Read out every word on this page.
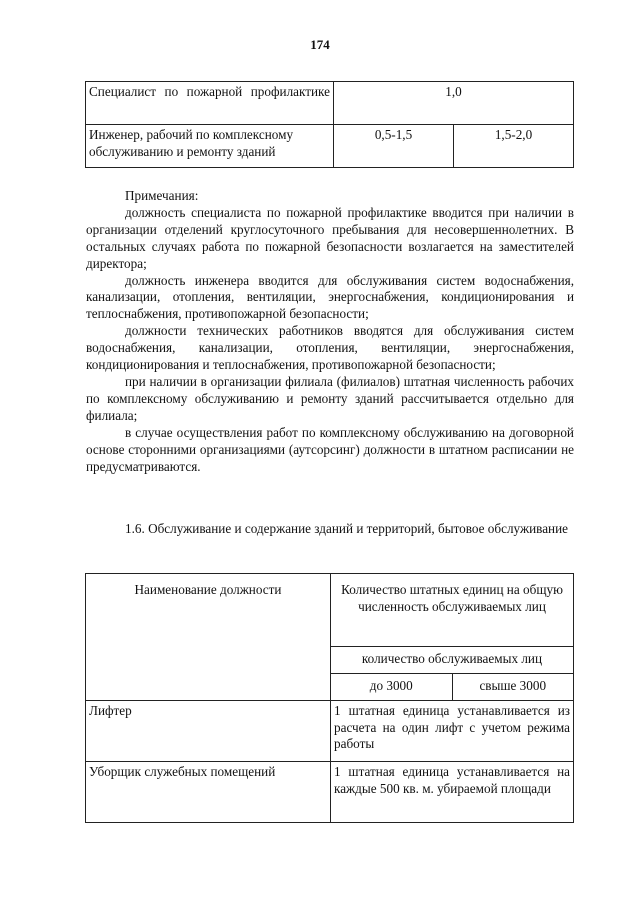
174
Специалист по пожарной профилактике	1,0	
Инженер, рабочий по комплексному обслуживанию и ремонту зданий	0,5-1,5	1,5-2,0

Примечания:

должность специалиста по пожарной профилактике вводится при наличии в организации отделений круглосуточного пребывания для несовершеннолетних. В остальных случаях работа по пожарной безопасности возлагается на заместителей директора;

должность инженера вводится для обслуживания систем водоснабжения, канализации, отопления, вентиляции, энергоснабжения, кондиционирования и теплоснабжения, противопожарной безопасности;

должности технических работников вводятся для обслуживания систем водоснабжения, канализации, отопления, вентиляции, энергоснабжения, кондиционирования и теплоснабжения, противопожарной безопасности;

при наличии в организации филиала (филиалов) штатная численность рабочих по комплексному обслуживанию и ремонту зданий рассчитывается отдельно для филиала;

в случае осуществления работ по комплексному обслуживанию на договорной основе сторонними организациями (аутсорсинг) должности в штатном расписании не предусматриваются.

1.6. Обслуживание и содержание зданий и территорий, бытовое обслуживание
Наименование должности	Количество штатных единиц на общую численность обслуживаемых лиц	
	количество обслуживаемых лиц	
	до 3000	свыше 3000
Лифтер	1 штатная единица устанавливается из расчета на один лифт с учетом режима работы	
Уборщик служебных помещений	1 штатная единица устанавливается на каждые 500 кв. м. убираемой площади	
